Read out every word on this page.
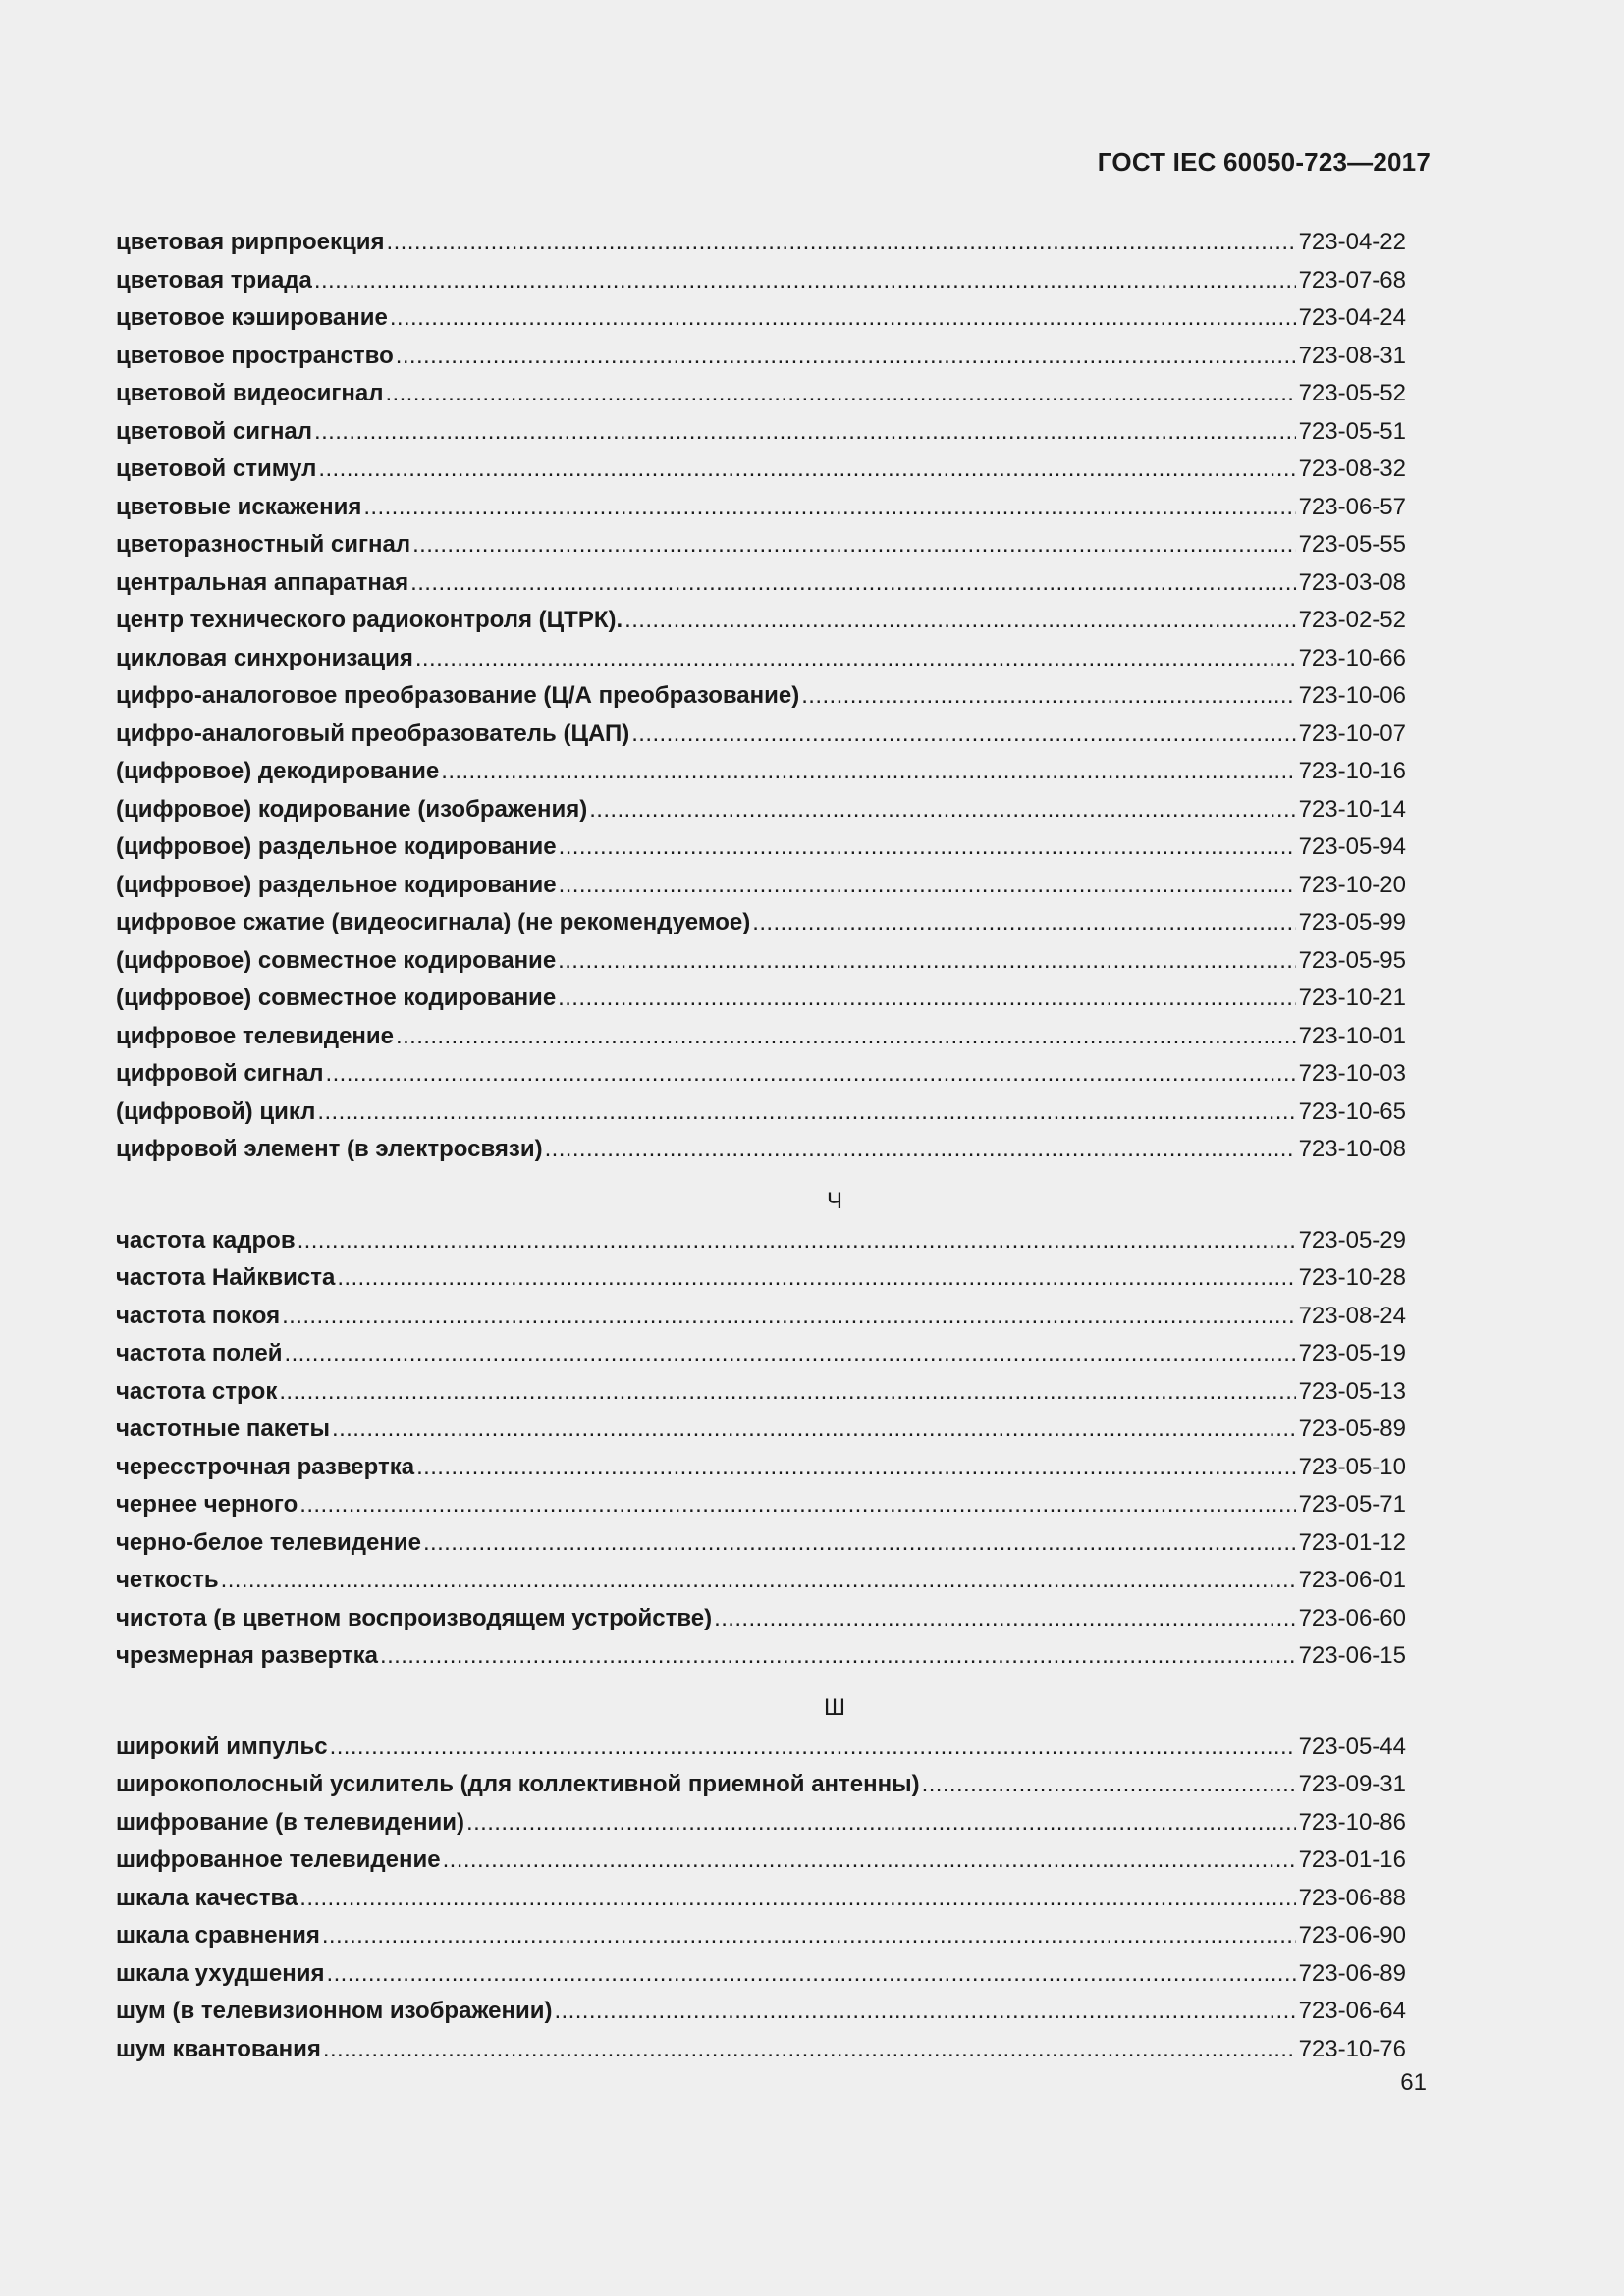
ГОСТ IEC 60050-723—2017
цветовая рирпроекция .....	723-04-22
цветовая триада .....	723-07-68
цветовое кэширование .....	723-04-24
цветовое пространство .....	723-08-31
цветовой видеосигнал .....	723-05-52
цветовой сигнал .....	723-05-51
цветовой стимул .....	723-08-32
цветовые искажения .....	723-06-57
цветоразностный сигнал .....	723-05-55
центральная аппаратная .....	723-03-08
центр технического радиоконтроля (ЦТРК). .....	723-02-52
цикловая синхронизация .....	723-10-66
цифро-аналоговое преобразование (Ц/А преобразование) .....	723-10-06
цифро-аналоговый преобразователь (ЦАП) .....	723-10-07
(цифровое) декодирование .....	723-10-16
(цифровое) кодирование (изображения) .....	723-10-14
(цифровое) раздельное кодирование .....	723-05-94
(цифровое) раздельное кодирование .....	723-10-20
цифровое сжатие (видеосигнала) (не рекомендуемое) .....	723-05-99
(цифровое) совместное кодирование .....	723-05-95
(цифровое) совместное кодирование .....	723-10-21
цифровое телевидение .....	723-10-01
цифровой сигнал .....	723-10-03
(цифровой) цикл .....	723-10-65
цифровой элемент (в электросвязи) .....	723-10-08
Ч
частота кадров .....	723-05-29
частота Найквиста .....	723-10-28
частота покоя .....	723-08-24
частота полей .....	723-05-19
частота строк .....	723-05-13
частотные пакеты .....	723-05-89
чересстрочная развертка .....	723-05-10
чернее черного .....	723-05-71
черно-белое телевидение .....	723-01-12
четкость .....	723-06-01
чистота (в цветном воспроизводящем устройстве) .....	723-06-60
чрезмерная развертка .....	723-06-15
Ш
широкий импульс .....	723-05-44
широкополосный усилитель (для коллективной приемной антенны) .....	723-09-31
шифрование (в телевидении) .....	723-10-86
шифрованное телевидение .....	723-01-16
шкала качества .....	723-06-88
шкала сравнения .....	723-06-90
шкала ухудшения .....	723-06-89
шум (в телевизионном изображении) .....	723-06-64
шум квантования .....	723-10-76
61
